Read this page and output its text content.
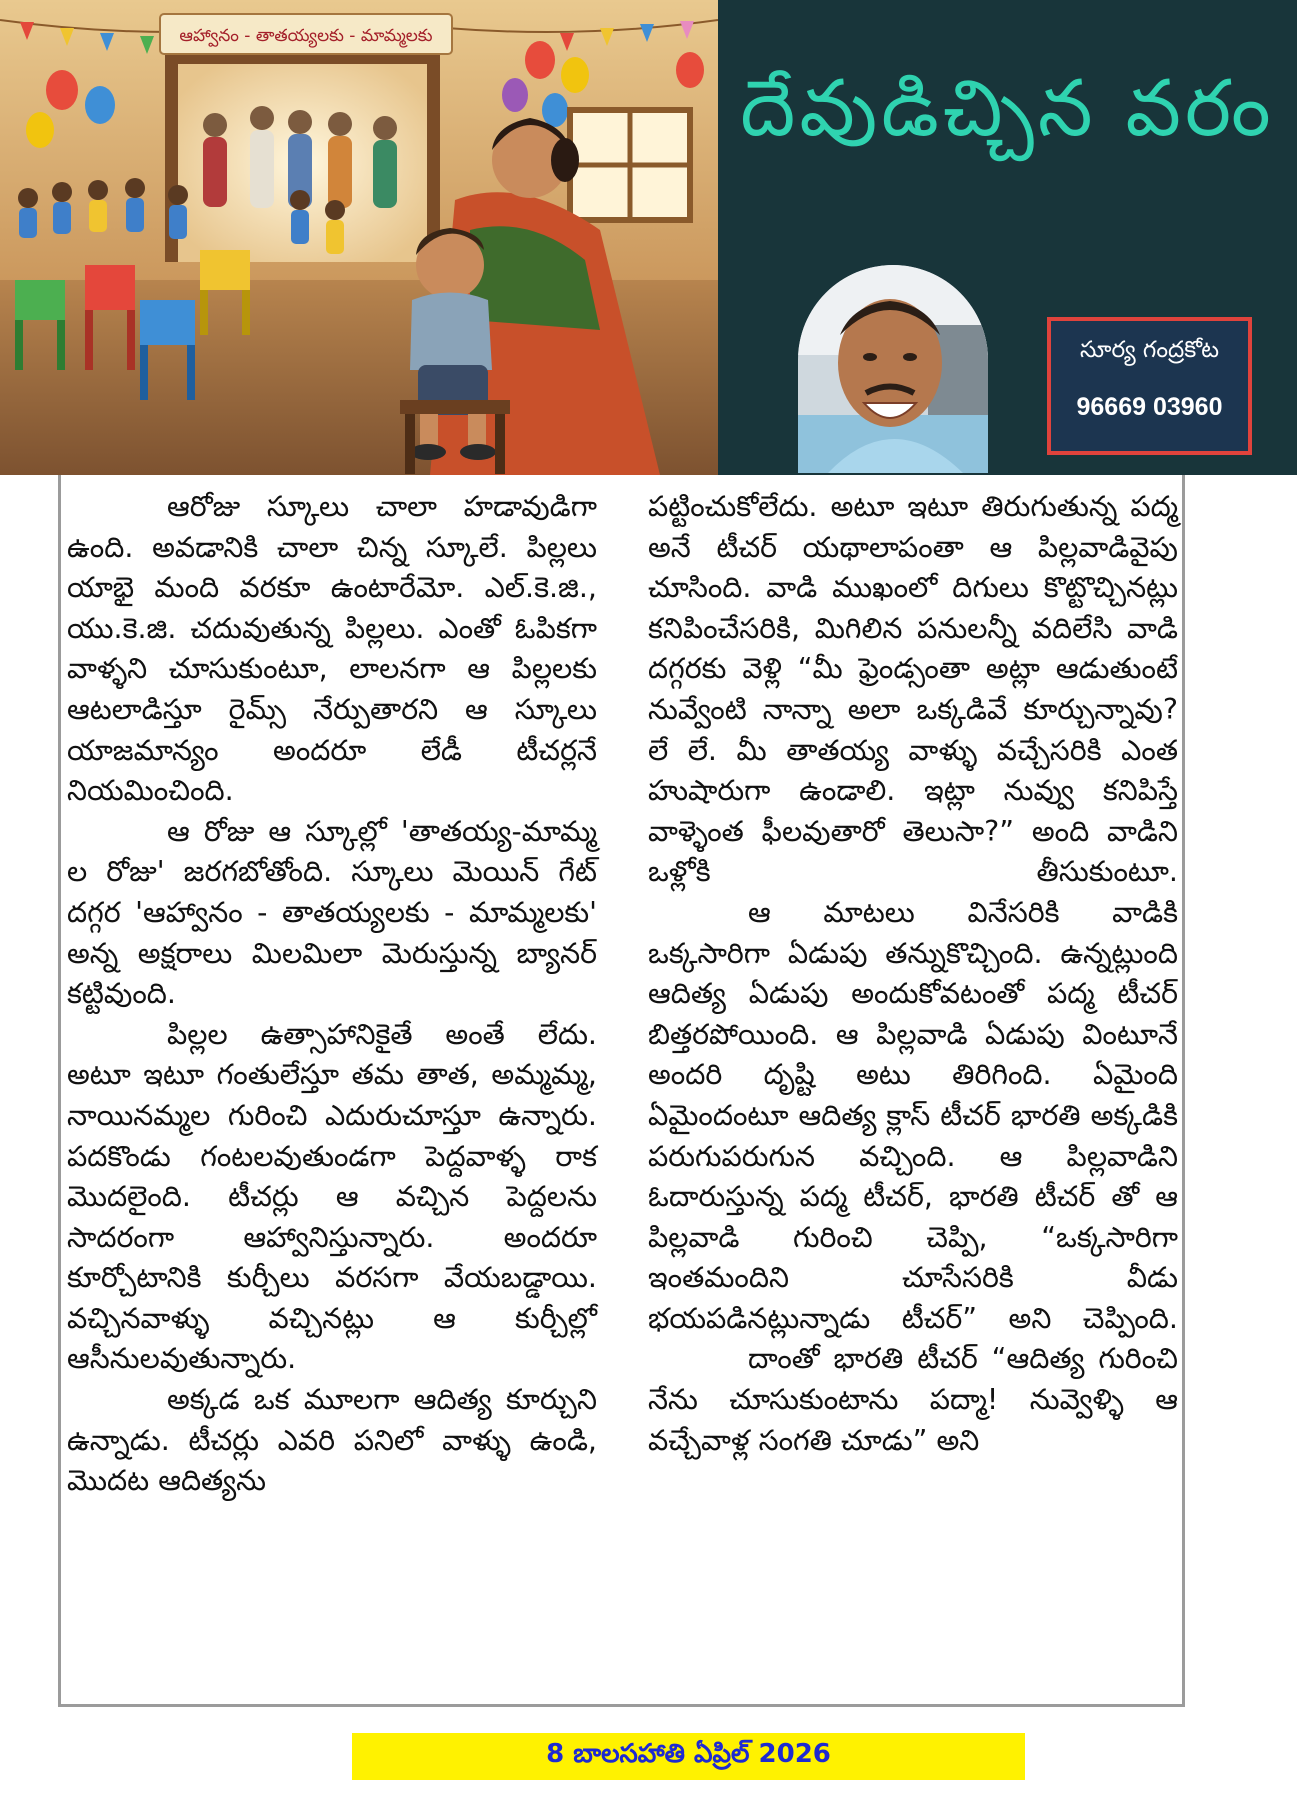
ఆహ్వానం - తాతయ్యలకు - మామ్మలకు
దేవుడిచ్చిన వరం
సూర్య గంద్రకోట
96669 03960

ఆరోజు స్కూలు చాలా హడావుడిగా ఉంది. అవడానికి చాలా చిన్న స్కూలే. పిల్లలు యాభై మంది వరకూ ఉంటారేమో. ఎల్.కె.జి., యు.కె.జి. చదువుతున్న పిల్లలు. ఎంతో ఓపికగా వాళ్ళని చూసుకుంటూ, లాలనగా ఆ పిల్లలకు ఆటలాడిస్తూ రైమ్స్ నేర్పుతారని ఆ స్కూలు యాజమాన్యం అందరూ లేడీ టీచర్లనే నియమించింది.

ఆ రోజు ఆ స్కూల్లో 'తాతయ్య-మామ్మ ల రోజు' జరగబోతోంది. స్కూలు మెయిన్ గేట్ దగ్గర 'ఆహ్వానం - తాతయ్యలకు - మామ్మలకు' అన్న అక్షరాలు మిలమిలా మెరుస్తున్న బ్యానర్ కట్టివుంది.

పిల్లల ఉత్సాహానికైతే అంతే లేదు. అటూ ఇటూ గంతులేస్తూ తమ తాత, అమ్మమ్మ, నాయినమ్మల గురించి ఎదురుచూస్తూ ఉన్నారు. పదకొండు గంటలవుతుండగా పెద్దవాళ్ళ రాక మొదలైంది. టీచర్లు ఆ వచ్చిన పెద్దలను సాదరంగా ఆహ్వానిస్తున్నారు. అందరూ కూర్చోటానికి కుర్చీలు వరసగా వేయబడ్డాయి. వచ్చినవాళ్ళు వచ్చినట్లు ఆ కుర్చీల్లో ఆసీనులవుతున్నారు.

అక్కడ ఒక మూలగా ఆదిత్య కూర్చుని ఉన్నాడు. టీచర్లు ఎవరి పనిలో వాళ్ళు ఉండి, మొదట ఆదిత్యను

పట్టించుకోలేదు. అటూ ఇటూ తిరుగుతున్న పద్మ అనే టీచర్ యథాలాపంతా ఆ పిల్లవాడివైపు చూసింది. వాడి ముఖంలో దిగులు కొట్టొచ్చినట్లు కనిపించేసరికి, మిగిలిన పనులన్నీ వదిలేసి వాడి దగ్గరకు వెళ్లి “మీ ఫ్రెండ్సంతా అట్లా ఆడుతుంటే నువ్వేంటి నాన్నా అలా ఒక్కడివే కూర్చున్నావు? లే లే. మీ తాతయ్య వాళ్ళు వచ్చేసరికి ఎంత హుషారుగా ఉండాలి. ఇట్లా నువ్వు కనిపిస్తే వాళ్ళెంత ఫీలవుతారో తెలుసా?” అంది వాడిని ఒళ్లోకి తీసుకుంటూ.

ఆ మాటలు వినేసరికి వాడికి ఒక్కసారిగా ఏడుపు తన్నుకొచ్చింది. ఉన్నట్లుంది ఆదిత్య ఏడుపు అందుకోవటంతో పద్మ టీచర్ బిత్తరపోయింది. ఆ పిల్లవాడి ఏడుపు వింటూనే అందరి దృష్టి అటు తిరిగింది. ఏమైంది ఏమైందంటూ ఆదిత్య క్లాస్ టీచర్ భారతి అక్కడికి పరుగుపరుగున వచ్చింది. ఆ పిల్లవాడిని ఓదారుస్తున్న పద్మ టీచర్, భారతి టీచర్ తో ఆ పిల్లవాడి గురించి చెప్పి, “ఒక్కసారిగా ఇంతమందిని చూసేసరికి వీడు భయపడినట్లున్నాడు టీచర్” అని చెప్పింది.

దాంతో భారతి టీచర్ “ఆదిత్య గురించి నేను చూసుకుంటాను పద్మా! నువ్వెళ్ళి ఆ వచ్చేవాళ్ల సంగతి చూడు” అని

8 బాలసహాతి ఏప్రిల్ 2026
